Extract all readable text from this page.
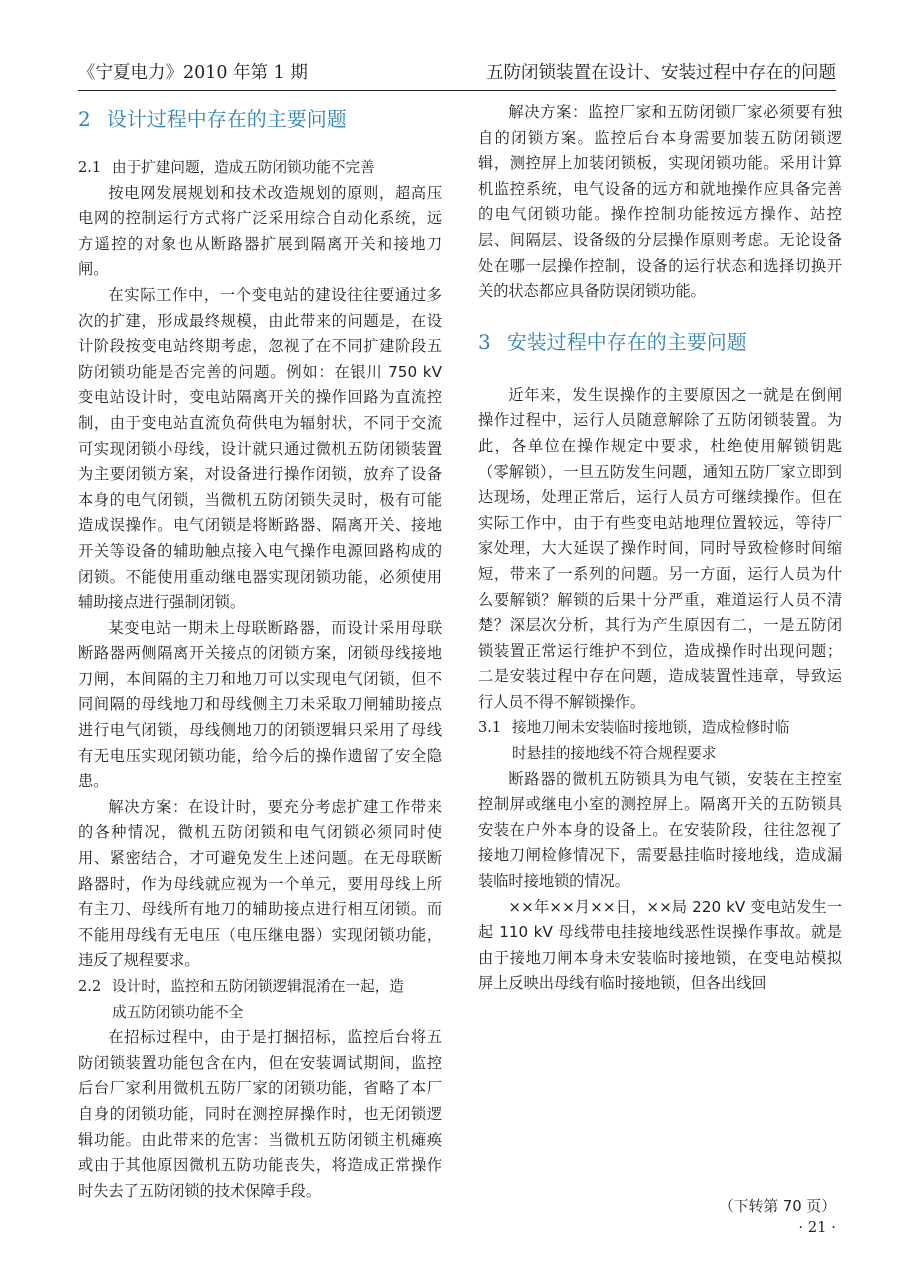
《宁夏电力》2010 年第 1 期	五防闭锁装置在设计、安装过程中存在的问题
2 设计过程中存在的主要问题
2.1 由于扩建问题，造成五防闭锁功能不完善

按电网发展规划和技术改造规划的原则，超高压电网的控制运行方式将广泛采用综合自动化系统，远方遥控的对象也从断路器扩展到隔离开关和接地刀闸。

在实际工作中，一个变电站的建设往往要通过多次的扩建，形成最终规模，由此带来的问题是，在设计阶段按变电站终期考虑，忽视了在不同扩建阶段五防闭锁功能是否完善的问题。例如：在银川 750 kV 变电站设计时，变电站隔离开关的操作回路为直流控制，由于变电站直流负荷供电为辐射状，不同于交流可实现闭锁小母线，设计就只通过微机五防闭锁装置为主要闭锁方案，对设备进行操作闭锁，放弃了设备本身的电气闭锁，当微机五防闭锁失灵时，极有可能造成误操作。电气闭锁是将断路器、隔离开关、接地开关等设备的辅助触点接入电气操作电源回路构成的闭锁。不能使用重动继电器实现闭锁功能，必须使用辅助接点进行强制闭锁。

某变电站一期未上母联断路器，而设计采用母联断路器两侧隔离开关接点的闭锁方案，闭锁母线接地刀闸，本间隔的主刀和地刀可以实现电气闭锁，但不同间隔的母线地刀和母线侧主刀未采取刀闸辅助接点进行电气闭锁，母线侧地刀的闭锁逻辑只采用了母线有无电压实现闭锁功能，给今后的操作遗留了安全隐患。

解决方案：在设计时，要充分考虑扩建工作带来的各种情况，微机五防闭锁和电气闭锁必须同时使用、紧密结合，才可避免发生上述问题。在无母联断路器时，作为母线就应视为一个单元，要用母线上所有主刀、母线所有地刀的辅助接点进行相互闭锁。而不能用母线有无电压（电压继电器）实现闭锁功能，违反了规程要求。

2.2 设计时，监控和五防闭锁逻辑混淆在一起，造
成五防闭锁功能不全

在招标过程中，由于是打捆招标，监控后台将五防闭锁装置功能包含在内，但在安装调试期间，监控后台厂家利用微机五防厂家的闭锁功能，省略了本厂自身的闭锁功能，同时在测控屏操作时，也无闭锁逻辑功能。由此带来的危害：当微机五防闭锁主机瘫痪或由于其他原因微机五防功能丧失，将造成正常操作时失去了五防闭锁的技术保障手段。

解决方案：监控厂家和五防闭锁厂家必须要有独自的闭锁方案。监控后台本身需要加装五防闭锁逻辑，测控屏上加装闭锁板，实现闭锁功能。采用计算机监控系统，电气设备的远方和就地操作应具备完善的电气闭锁功能。操作控制功能按远方操作、站控层、间隔层、设备级的分层操作原则考虑。无论设备处在哪一层操作控制，设备的运行状态和选择切换开关的状态都应具备防误闭锁功能。

3 安装过程中存在的主要问题

近年来，发生误操作的主要原因之一就是在倒闸操作过程中，运行人员随意解除了五防闭锁装置。为此，各单位在操作规定中要求，杜绝使用解锁钥匙（零解锁），一旦五防发生问题，通知五防厂家立即到达现场，处理正常后，运行人员方可继续操作。但在实际工作中，由于有些变电站地理位置较远，等待厂家处理，大大延误了操作时间，同时导致检修时间缩短，带来了一系列的问题。另一方面，运行人员为什么要解锁？解锁的后果十分严重，难道运行人员不清楚？深层次分析，其行为产生原因有二，一是五防闭锁装置正常运行维护不到位，造成操作时出现问题；二是安装过程中存在问题，造成装置性违章，导致运行人员不得不解锁操作。

3.1 接地刀闸未安装临时接地锁，造成检修时临
时悬挂的接地线不符合规程要求

断路器的微机五防锁具为电气锁，安装在主控室控制屏或继电小室的测控屏上。隔离开关的五防锁具安装在户外本身的设备上。在安装阶段，往往忽视了接地刀闸检修情况下，需要悬挂临时接地线，造成漏装临时接地锁的情况。

××年××月××日，××局 220 kV 变电站发生一起 110 kV 母线带电挂接地线恶性误操作事故。就是由于接地刀闸本身未安装临时接地锁，在变电站模拟屏上反映出母线有临时接地锁，但各出线回

（下转第 70 页）
· 21 ·
